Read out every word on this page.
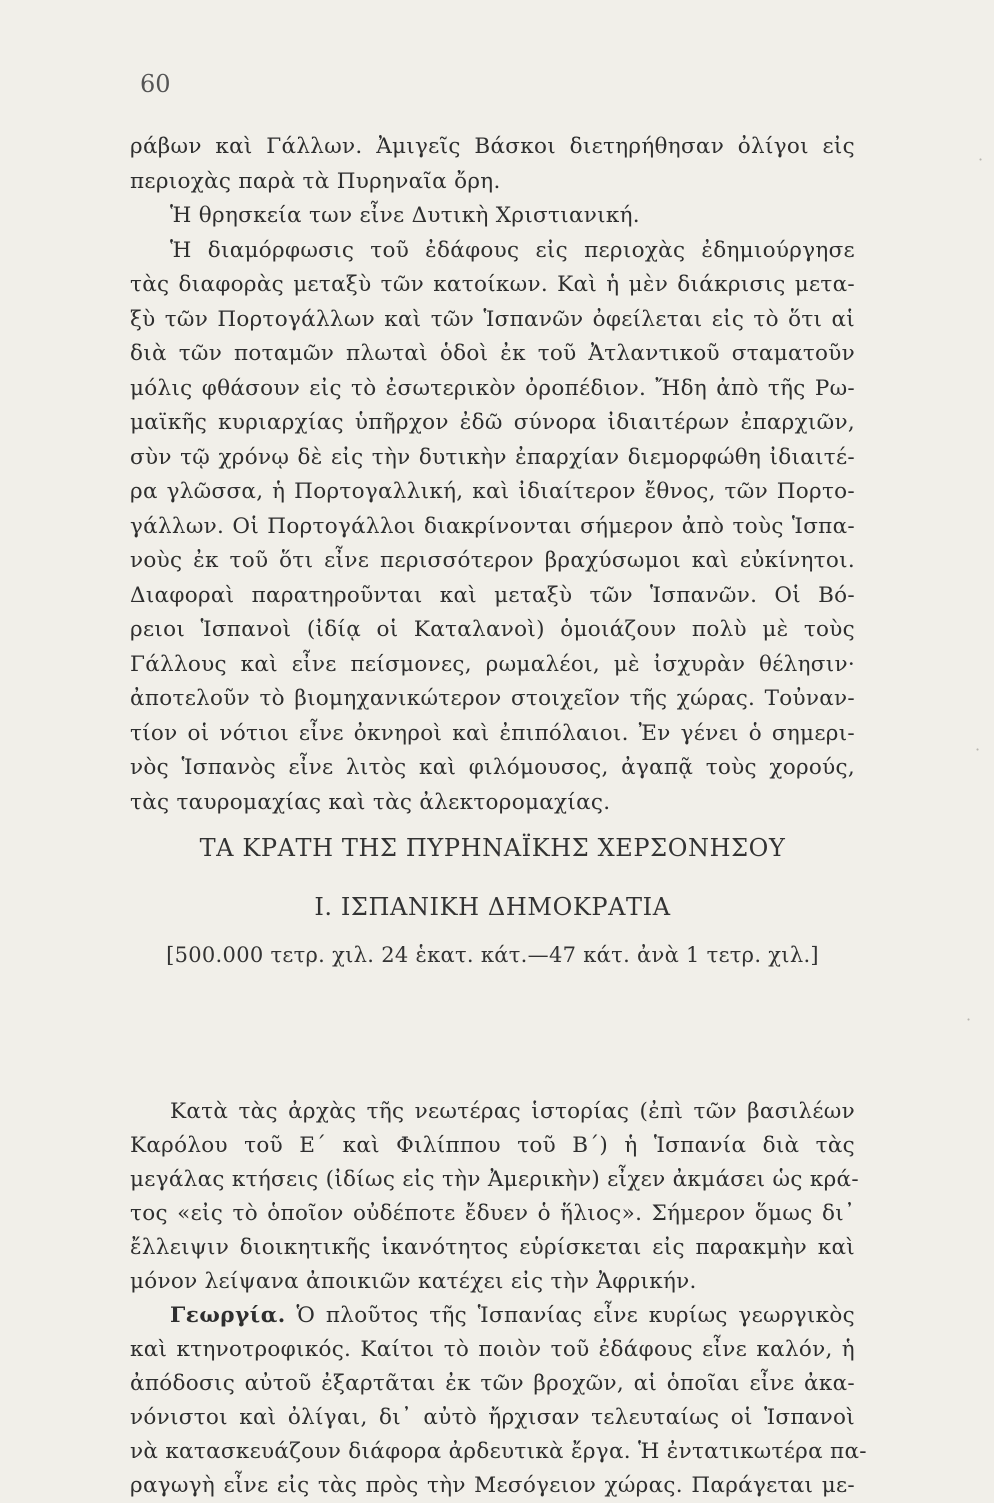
60
ράβων καὶ Γάλλων. Ἀμιγεῖς Βάσκοι διετηρήθησαν ὀλίγοι εἰς
περιοχὰς παρὰ τὰ Πυρηναῖα ὄρη.
Ἡ θρησκεία των εἶνε Δυτικὴ Χριστιανική.
Ἡ διαμόρφωσις τοῦ ἐδάφους εἰς περιοχὰς ἐδημιούργησε
τὰς διαφορὰς μεταξὺ τῶν κατοίκων. Καὶ ἡ μὲν διάκρισις μετα-
ξὺ τῶν Πορτογάλλων καὶ τῶν Ἱσπανῶν ὀφείλεται εἰς τὸ ὅτι αἱ
διὰ τῶν ποταμῶν πλωταὶ ὁδοὶ ἐκ τοῦ Ἀτλαντικοῦ σταματοῦν
μόλις φθάσουν εἰς τὸ ἐσωτερικὸν ὀροπέδιον. Ἤδη ἀπὸ τῆς Ρω-
μαϊκῆς κυριαρχίας ὑπῆρχον ἐδῶ σύνορα ἰδιαιτέρων ἐπαρχιῶν,
σὺν τῷ χρόνῳ δὲ εἰς τὴν δυτικὴν ἐπαρχίαν διεμορφώθη ἰδιαιτέ-
ρα γλῶσσα, ἡ Πορτογαλλική, καὶ ἰδιαίτερον ἔθνος, τῶν Πορτο-
γάλλων. Οἱ Πορτογάλλοι διακρίνονται σήμερον ἀπὸ τοὺς Ἱσπα-
νοὺς ἐκ τοῦ ὅτι εἶνε περισσότερον βραχύσωμοι καὶ εὐκίνητοι.
Διαφοραὶ παρατηροῦνται καὶ μεταξὺ τῶν Ἱσπανῶν. Οἱ Βό-
ρειοι Ἱσπανοὶ (ἰδίᾳ οἱ Καταλανοὶ) ὁμοιάζουν πολὺ μὲ τοὺς
Γάλλους καὶ εἶνε πείσμονες, ρωμαλέοι, μὲ ἰσχυρὰν θέλησιν·
ἀποτελοῦν τὸ βιομηχανικώτερον στοιχεῖον τῆς χώρας. Τοὐναν-
τίον οἱ νότιοι εἶνε ὀκνηροὶ καὶ ἐπιπόλαιοι. Ἐν γένει ὁ σημερι-
νὸς Ἱσπανὸς εἶνε λιτὸς καὶ φιλόμουσος, ἀγαπᾷ τοὺς χορούς,
τὰς ταυρομαχίας καὶ τὰς ἀλεκτορομαχίας.
ΤΑ ΚΡΑΤΗ ΤΗΣ ΠΥΡΗΝΑΪΚΗΣ ΧΕΡΣΟΝΗΣΟΥ
Ι. ΙΣΠΑΝΙΚΗ ΔΗΜΟΚΡΑΤΙΑ
[500.000 τετρ. χιλ. 24 ἑκατ. κάτ.—47 κάτ. ἀνὰ 1 τετρ. χιλ.]
Κατὰ τὰς ἀρχὰς τῆς νεωτέρας ἱστορίας (ἐπὶ τῶν βασιλέων
Καρόλου τοῦ Ε΄ καὶ Φιλίππου τοῦ Β΄) ἡ Ἱσπανία διὰ τὰς
μεγάλας κτήσεις (ἰδίως εἰς τὴν Ἀμερικὴν) εἶχεν ἀκμάσει ὡς κρά-
τος «εἰς τὸ ὁποῖον οὐδέποτε ἔδυεν ὁ ἥλιος». Σήμερον ὅμως δι᾽
ἔλλειψιν διοικητικῆς ἱκανότητος εὑρίσκεται εἰς παρακμὴν καὶ
μόνον λείψανα ἀποικιῶν κατέχει εἰς τὴν Ἀφρικήν.
Γεωργία. Ὁ πλοῦτος τῆς Ἱσπανίας εἶνε κυρίως γεωργικὸς
καὶ κτηνοτροφικός. Καίτοι τὸ ποιὸν τοῦ ἐδάφους εἶνε καλόν, ἡ
ἀπόδοσις αὐτοῦ ἐξαρτᾶται ἐκ τῶν βροχῶν, αἱ ὁποῖαι εἶνε ἀκα-
νόνιστοι καὶ ὀλίγαι, δι᾽ αὐτὸ ἤρχισαν τελευταίως οἱ Ἱσπανοὶ
νὰ κατασκευάζουν διάφορα ἀρδευτικὰ ἔργα. Ἡ ἐντατικωτέρα πα-
ραγωγὴ εἶνε εἰς τὰς πρὸς τὴν Μεσόγειον χώρας. Παράγεται με-
·
·
·
